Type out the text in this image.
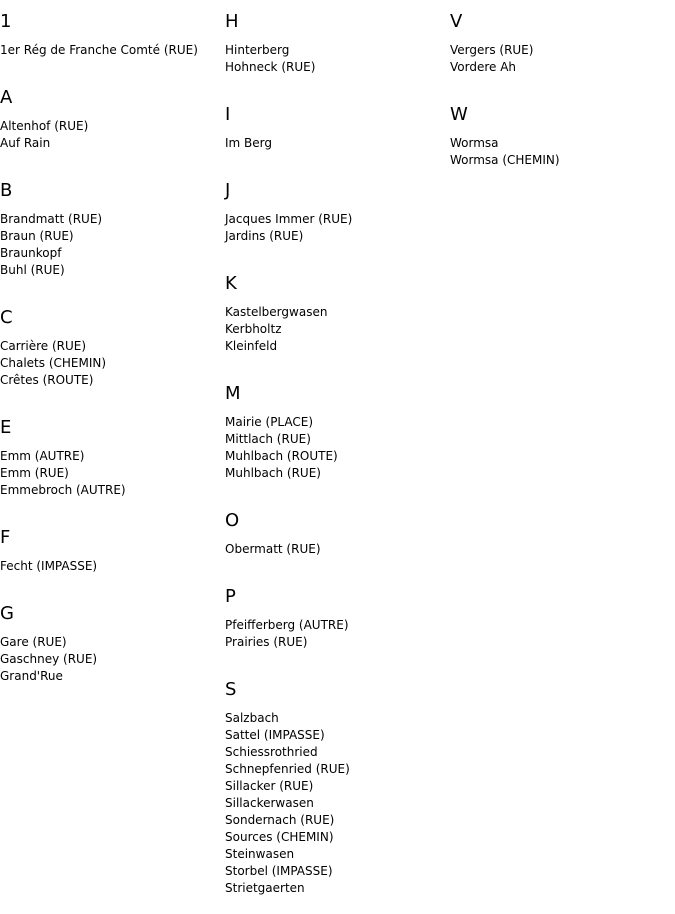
1
1er Rég de Franche Comté (RUE)
A
Altenhof (RUE)
Auf Rain
B
Brandmatt (RUE)
Braun (RUE)
Braunkopf
Buhl (RUE)
C
Carrière (RUE)
Chalets (CHEMIN)
Crêtes (ROUTE)
E
Emm (AUTRE)
Emm (RUE)
Emmebroch (AUTRE)
F
Fecht (IMPASSE)
G
Gare (RUE)
Gaschney (RUE)
Grand'Rue
H
Hinterberg
Hohneck (RUE)
I
Im Berg
J
Jacques Immer (RUE)
Jardins (RUE)
K
Kastelbergwasen
Kerbholtz
Kleinfeld
M
Mairie (PLACE)
Mittlach (RUE)
Muhlbach (ROUTE)
Muhlbach (RUE)
O
Obermatt (RUE)
P
Pfeifferberg (AUTRE)
Prairies (RUE)
S
Salzbach
Sattel (IMPASSE)
Schiessrothried
Schnepfenried (RUE)
Sillacker (RUE)
Sillackerwasen
Sondernach (RUE)
Sources (CHEMIN)
Steinwasen
Storbel (IMPASSE)
Strietgaerten
V
Vergers (RUE)
Vordere Ah
W
Wormsa
Wormsa (CHEMIN)
